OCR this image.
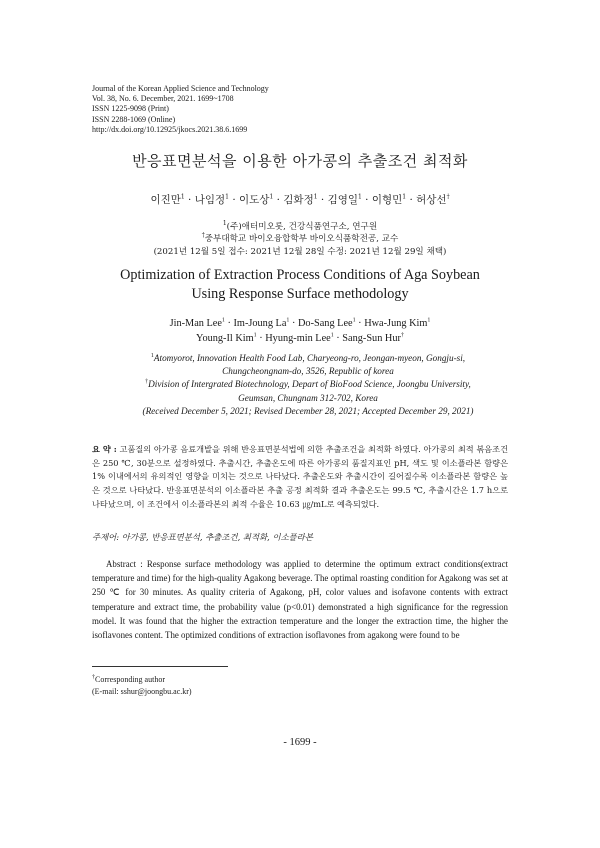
Journal of the Korean Applied Science and Technology
Vol. 38, No. 6. December, 2021. 1699~1708
ISSN 1225-9098 (Print)
ISSN 2288-1069 (Online)
http://dx.doi.org/10.12925/jkocs.2021.38.6.1699
반응표면분석을 이용한 아가콩의 추출조건 최적화
이진만$^1$ · 나임정$^1$ · 이도상$^1$ · 김화정$^1$ · 김영일$^1$ · 이형민$^1$ · 허상선†
$^1$(주)애터미오롯, 건강식품연구소, 연구원
†중부대학교 바이오융합학부 바이오식품학전공, 교수
(2021년 12월 5일 접수: 2021년 12월 28일 수정: 2021년 12월 29일 채택)
Optimization of Extraction Process Conditions of Aga Soybean
Using Response Surface methodology
Jin-Man Lee$^1$ · Im-Joung $La^1$ · Do-Sang Lee$^1$ · Hwa-Jung Kim$^1$
Young-Il Kim$^1$ · Hyung-min Lee$^1$ · Sang-Sun Hur†
$^1$Atomyorot, Innovation Health Food Lab, Charyeong-ro, Jeongan-myeon, Gongju-si,
Chungcheongnam-do, 3526, Republic of korea
†Division of Intergrated Biotechnology, Depart of BioFood Science, Joongbu University,
Geumsan, Chungnam 312-702, Korea
(Received December 5, 2021; Revised December 28, 2021; Accepted December 29, 2021)
요 약 : 고품질의 아가콩 음료개발을 위해 반응표면분석법에 의한 추출조건을 최적화 하였다. 아가콩의 최적 볶음조건은 250 ℃, 30분으로 설정하였다. 추출시간, 추출온도에 따른 아가콩의 품질지표인 pH, 색도 및 이소플라본 함량은 1% 이내에서의 유의적인 영향을 미치는 것으로 나타났다. 추출온도와 추출시간이 길어질수록 이소플라본 함량은 높은 것으로 나타났다. 반응표면분석의 이소플라본 추출 공정 최적화 결과 추출온도는 99.5 ℃, 추출시간은 1.7 h으로 나타났으며, 이 조건에서 이소플라본의 최적 수율은 10.63 ㎍/mL로 예측되었다.
주제어: 아가콩, 반응표면분석, 추출조건, 최적화, 이소플라본
Abstract : Response surface methodology was applied to determine the optimum extract conditions(extract temperature and time) for the high-quality Agakong beverage. The optimal roasting condition for Agakong was set at 250 ℃ for 30 minutes. As quality criteria of Agakong, pH, color values and isofavone contents with extract temperature and extract time, the probability value (p<0.01) demonstrated a high significance for the regression model. It was found that the higher the extraction temperature and the longer the extraction time, the higher the isoflavones content. The optimized conditions of extraction isoflavones from agakong were found to be
†Corresponding author
(E-mail: sshur@joongbu.ac.kr)
- 1699 -
